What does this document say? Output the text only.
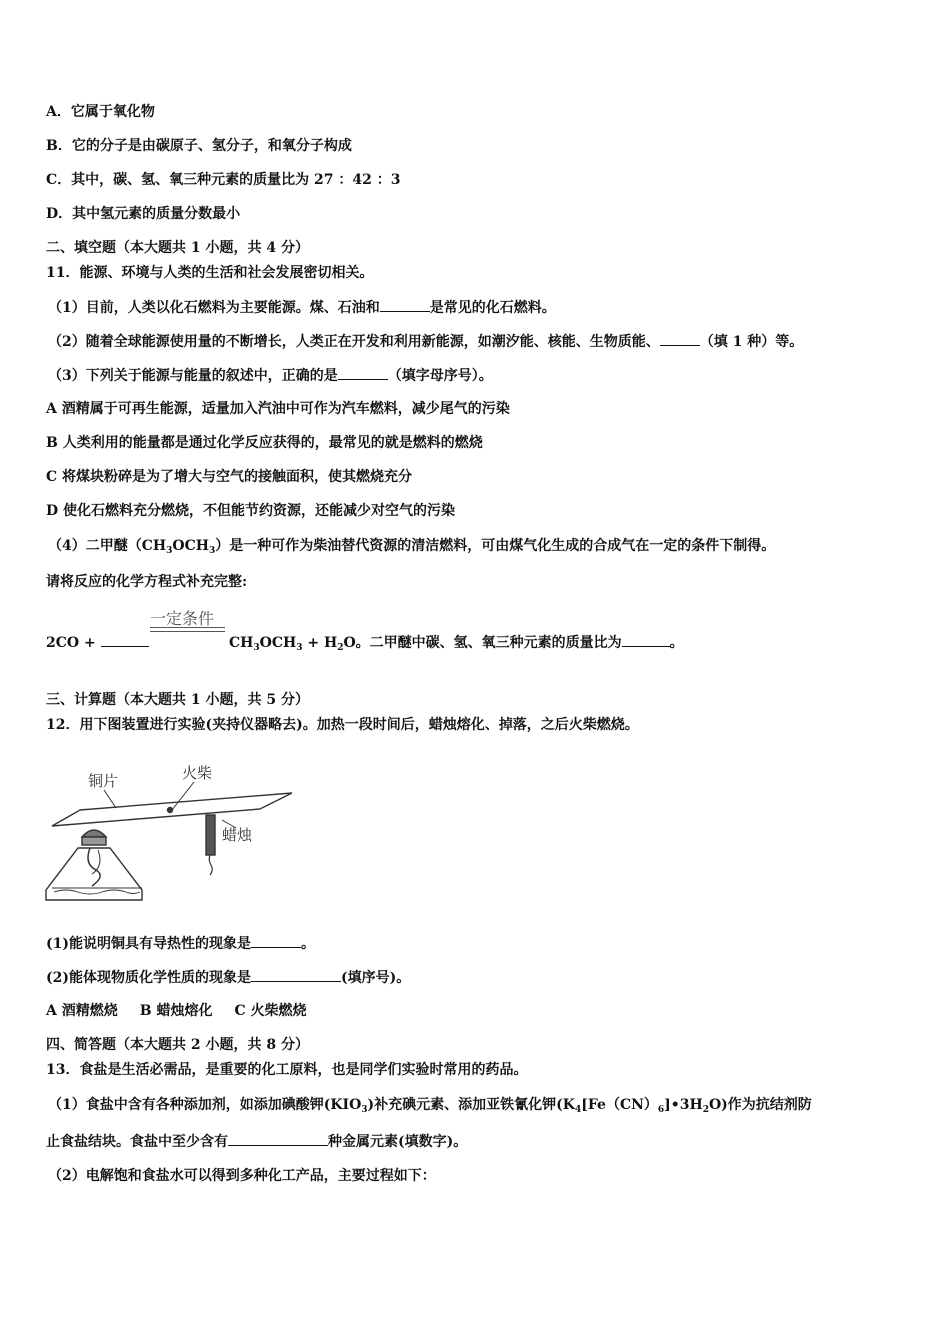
A．它属于氧化物
B．它的分子是由碳原子、氢分子，和氧分子构成
C．其中，碳、氢、氧三种元素的质量比为 27 ：42 ：3
D．其中氢元素的质量分数最小
二、填空题（本大题共 1 小题，共 4 分）
11．能源、环境与人类的生活和社会发展密切相关。
（1）目前，人类以化石燃料为主要能源。煤、石油和	是常见的化石燃料。
（2）随着全球能源使用量的不断增长，人类正在开发和利用新能源，如潮汐能、核能、生物质能、	（填 1 种）等。
（3）下列关于能源与能量的叙述中，正确的是	（填字母序号）。
A 酒精属于可再生能源，适量加入汽油中可作为汽车燃料，减少尾气的污染
B 人类利用的能量都是通过化学反应获得的，最常见的就是燃料的燃烧
C 将煤块粉碎是为了增大与空气的接触面积，使其燃烧充分
D 使化石燃料充分燃烧，不但能节约资源，还能减少对空气的污染
（4）二甲醚$(CH_3OCH_3)$是一种可作为柴油替代资源的清洁燃料，可由煤气化生成的合成气在一定的条件下制得。
请将反应的化学方程式补充完整:
一定条件
2CO +	$CH_3OCH_3 + H_2O$。二甲醚中碳、氢、氧三种元素的质量比为	。
三、计算题（本大题共 1 小题，共 5 分）
12．用下图装置进行实验(夹持仪器略去)。加热一段时间后，蜡烛熔化、掉落，之后火柴燃烧。
铜片	火柴
蜡烛
(1)能说明铜具有导热性的现象是	。
(2)能体现物质化学性质的现象是	(填序号)。
A 酒精燃烧 B 蜡烛熔化 C 火柴燃烧
四、简答题（本大题共 2 小题，共 8 分）
13．食盐是生活必需品，是重要的化工原料，也是同学们实验时常用的药品。
（1）食盐中含有各种添加剂，如添加碘酸钾$(KIO_3)$补充碘元素、添加亚铁氰化钾$(K_4[Fe(CN)_6]•3H_2O)$作为抗结剂防
止食盐结块。食盐中至少含有	种金属元素(填数字)。
（2）电解饱和食盐水可以得到多种化工产品，主要过程如下：
